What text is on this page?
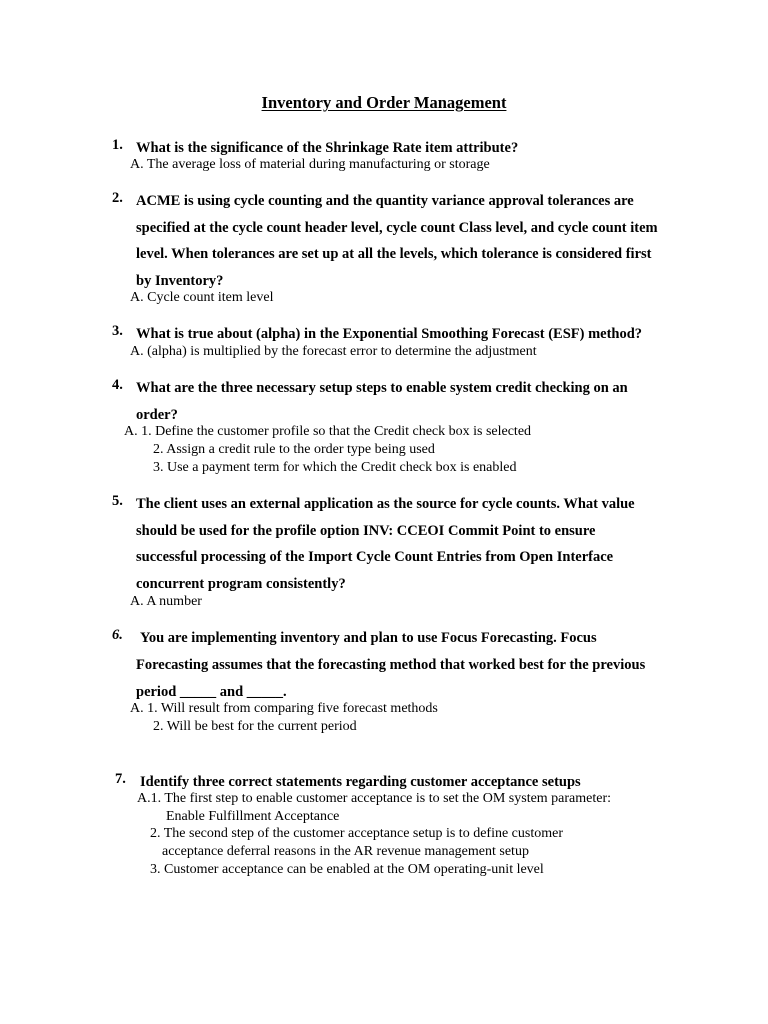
Inventory and Order Management
1. What is the significance of the Shrinkage Rate item attribute?
A. The average loss of material during manufacturing or storage
2. ACME is using cycle counting and the quantity variance approval tolerances are
specified at the cycle count header level, cycle count Class level, and cycle count item
level. When tolerances are set up at all the levels, which tolerance is considered first
by Inventory?
A. Cycle count item level
3. What is true about (alpha) in the Exponential Smoothing Forecast (ESF) method?
A. (alpha) is multiplied by the forecast error to determine the adjustment
4. What are the three necessary setup steps to enable system credit checking on an
order?
A. 1. Define the customer profile so that the Credit check box is selected
2. Assign a credit rule to the order type being used
3. Use a payment term for which the Credit check box is enabled
5. The client uses an external application as the source for cycle counts. What value
should be used for the profile option INV: CCEOI Commit Point to ensure
successful processing of the Import Cycle Count Entries from Open Interface
concurrent program consistently?
A. A number
6. You are implementing inventory and plan to use Focus Forecasting. Focus
Forecasting assumes that the forecasting method that worked best for the previous
period _____ and _____.
A. 1. Will result from comparing five forecast methods
2. Will be best for the current period
7. Identify three correct statements regarding customer acceptance setups
A.1. The first step to enable customer acceptance is to set the OM system parameter:
Enable Fulfillment Acceptance
2. The second step of the customer acceptance setup is to define customer
acceptance deferral reasons in the AR revenue management setup
3. Customer acceptance can be enabled at the OM operating-unit level
